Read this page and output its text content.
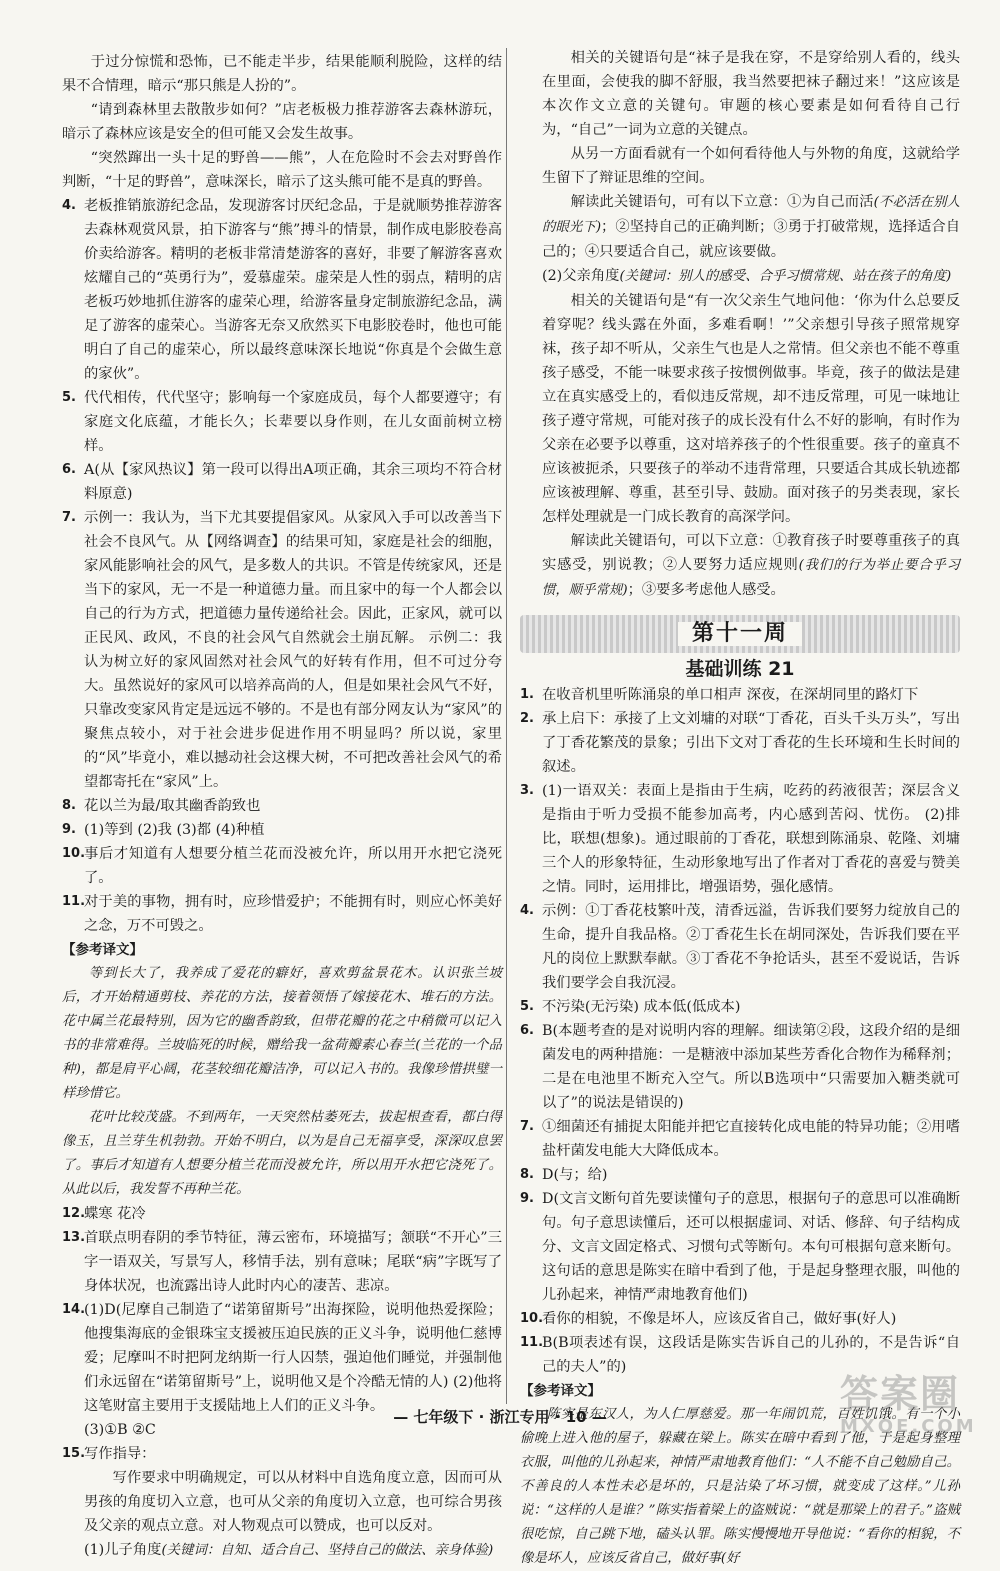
于过分惊慌和恐怖，已不能走半步，结果能顺利脱险，这样的结果不合情理，暗示“那只熊是人扮的”。

“请到森林里去散散步如何？”店老板极力推荐游客去森林游玩，暗示了森林应该是安全的但可能又会发生故事。

“突然蹿出一头十足的野兽——熊”，人在危险时不会去对野兽作判断，“十足的野兽”，意味深长，暗示了这头熊可能不是真的野兽。

4. 老板推销旅游纪念品，发现游客讨厌纪念品，于是就顺势推荐游客去森林观赏风景，拍下游客与“熊”搏斗的情景，制作成电影胶卷高价卖给游客。精明的老板非常清楚游客的喜好，非要了解游客喜欢炫耀自己的“英勇行为”，爱慕虚荣。虚荣是人性的弱点，精明的店老板巧妙地抓住游客的虚荣心理，给游客量身定制旅游纪念品，满足了游客的虚荣心。当游客无奈又欣然买下电影胶卷时，他也可能明白了自己的虚荣心，所以最终意味深长地说“你真是个会做生意的家伙”。

5. 代代相传，代代坚守；影响每一个家庭成员，每个人都要遵守；有家庭文化底蕴，才能长久；长辈要以身作则，在儿女面前树立榜样。

6. A(从【家风热议】第一段可以得出A项正确，其余三项均不符合材料原意)

7. 示例一：我认为，当下尤其要提倡家风。从家风入手可以改善当下社会不良风气。从【网络调查】的结果可知，家庭是社会的细胞，家风能影响社会的风气，是多数人的共识。不管是传统家风，还是当下的家风，无一不是一种道德力量。而且家中的每一个人都会以自己的行为方式，把道德力量传递给社会。因此，正家风，就可以正民风、政风，不良的社会风气自然就会土崩瓦解。 示例二：我认为树立好的家风固然对社会风气的好转有作用，但不可过分夸大。虽然说好的家风可以培养高尚的人，但是如果社会风气不好，只靠改变家风肯定是远远不够的。不是也有部分网友认为“家风”的聚焦点较小，对于社会进步促进作用不明显吗？所以说，家里的“风”毕竟小，难以撼动社会这棵大树，不可把改善社会风气的希望都寄托在“家风”上。

8. 花以兰为最/取其幽香韵致也

9. (1)等到 (2)我 (3)都 (4)种植

10.

事后才知道有人想要分植兰花而没被允许，所以用开水把它浇死了。

11.

对于美的事物，拥有时，应珍惜爱护；不能拥有时，则应心怀美好之念，万不可毁之。

【参考译文】

等到长大了，我养成了爱花的癖好，喜欢剪盆景花木。认识张兰坡后，才开始精通剪枝、养花的方法，接着领悟了嫁接花木、堆石的方法。花中属兰花最特别，因为它的幽香韵致，但带花瓣的花之中稍微可以记入书的非常难得。兰坡临死的时候，赠给我一盆荷瓣素心春兰(兰花的一个品种)，都是肩平心阔，花茎较细花瓣洁净，可以记入书的。我像珍惜拱璧一样珍惜它。

花叶比较茂盛。不到两年，一天突然枯萎死去，拔起根查看，都白得像玉，且兰芽生机勃勃。开始不明白，以为是自己无福享受，深深叹息罢了。事后才知道有人想要分植兰花而没被允许，所以用开水把它浇死了。从此以后，我发誓不再种兰花。

12.

蝶寒 花冷

13.

首联点明春阴的季节特征，薄云密布，环境描写；颔联“不开心”三字一语双关，写景写人，移情手法，别有意味；尾联“病”字既写了身体状况，也流露出诗人此时内心的凄苦、悲凉。

14.

(1)D(尼摩自己制造了“诺第留斯号”出海探险，说明他热爱探险；他搜集海底的金银珠宝支援被压迫民族的正义斗争，说明他仁慈博爱；尼摩叫不时把阿龙纳斯一行人囚禁，强迫他们睡觉，并强制他们永远留在“诺第留斯号”上，说明他又是个冷酷无情的人) (2)他将这笔财富主要用于支援陆地上人们的正义斗争。

(3)①B ②C

15.

写作指导：

写作要求中明确规定，可以从材料中自选角度立意，因而可从男孩的角度切入立意，也可从父亲的角度切入立意，也可综合男孩及父亲的观点立意。对人物观点可以赞成，也可以反对。

(1)儿子角度(关键词：自知、适合自己、坚持自己的做法、亲身体验)

相关的关键语句是“袜子是我在穿，不是穿给别人看的，线头在里面，会使我的脚不舒服，我当然要把袜子翻过来！”这应该是本次作文立意的关键句。审题的核心要素是如何看待自己行为，“自己”一词为立意的关键点。

从另一方面看就有一个如何看待他人与外物的角度，这就给学生留下了辩证思维的空间。

解读此关键语句，可有以下立意：①为自己而活(不必活在别人的眼光下)；②坚持自己的正确判断；③勇于打破常规，选择适合自己的；④只要适合自己，就应该要做。

(2)父亲角度(关键词：别人的感受、合乎习惯常规、站在孩子的角度)

相关的关键语句是“有一次父亲生气地问他：‘你为什么总要反着穿呢？线头露在外面，多难看啊！’”父亲想引导孩子照常规穿袜，孩子却不听从，父亲生气也是人之常情。但父亲也不能不尊重孩子感受，不能一味要求孩子按惯例做事。毕竟，孩子的做法是建立在真实感受上的，看似违反常规，却不违反常理，可见一味地让孩子遵守常规，可能对孩子的成长没有什么不好的影响，有时作为父亲在必要予以尊重，这对培养孩子的个性很重要。孩子的童真不应该被扼杀，只要孩子的举动不违背常理，只要适合其成长轨迹都应该被理解、尊重，甚至引导、鼓励。面对孩子的另类表现，家长怎样处理就是一门成长教育的高深学问。

解读此关键语句，可以下立意：①教育孩子时要尊重孩子的真实感受，别说教；②人要努力适应规则(我们的行为举止要合乎习惯，顺乎常规)；③要多考虑他人感受。

第十一周
基础训练 21
1. 在收音机里听陈涌泉的单口相声 深夜，在深胡同里的路灯下

2. 承上启下：承接了上文刘墉的对联“丁香花，百头千头万头”，写出了丁香花繁茂的景象；引出下文对丁香花的生长环境和生长时间的叙述。

3. (1)一语双关：表面上是指由于生病，吃药的药液很苦；深层含义是指由于听力受损不能参加高考，内心感到苦闷、忧伤。 (2)排比，联想(想象)。通过眼前的丁香花，联想到陈涌泉、乾隆、刘墉三个人的形象特征，生动形象地写出了作者对丁香花的喜爱与赞美之情。同时，运用排比，增强语势，强化感情。

4. 示例：①丁香花枝繁叶茂，清香远溢，告诉我们要努力绽放自己的生命，提升自我品格。②丁香花生长在胡同深处，告诉我们要在平凡的岗位上默默奉献。③丁香花不争抢话头，甚至不爱说话，告诉我们要学会自我沉浸。

5. 不污染(无污染) 成本低(低成本)

6. B(本题考查的是对说明内容的理解。细读第②段，这段介绍的是细菌发电的两种措施：一是糖液中添加某些芳香化合物作为稀释剂；二是在电池里不断充入空气。所以B选项中“只需要加入糖类就可以了”的说法是错误的)

7. ①细菌还有捕捉太阳能并把它直接转化成电能的特异功能；②用嗜盐杆菌发电能大大降低成本。

8. D(与；给)

9. D(文言文断句首先要读懂句子的意思，根据句子的意思可以准确断句。句子意思读懂后，还可以根据虚词、对话、修辞、句子结构成分、文言文固定格式、习惯句式等断句。本句可根据句意来断句。这句话的意思是陈实在暗中看到了他，于是起身整理衣服，叫他的儿孙起来，神情严肃地教育他们)

10.

看你的相貌，不像是坏人，应该反省自己，做好事(好人)

11.

B(B项表述有误，这段话是陈实告诉自己的儿孙的，不是告诉“自己的夫人”的)

【参考译文】

陈实是东汉人，为人仁厚慈爱。那一年闹饥荒，百姓饥饿。有一个小偷晚上进入他的屋子，躲藏在梁上。陈实在暗中看到了他，于是起身整理衣服，叫他的儿孙起来，神情严肃地教育他们：“人不能不自己勉励自己。不善良的人本性未必是坏的，只是沾染了坏习惯，就变成了这样。”儿孙说：“这样的人是谁？”陈实指着梁上的盗贼说：“就是那梁上的君子。”盗贼很吃惊，自己跳下地，磕头认罪。陈实慢慢地开导他说：“看你的相貌，不像是坏人，应该反省自己，做好事(好

— 七年级下 · 浙江专用 · 10 —
答案圈
MXQE.COM
